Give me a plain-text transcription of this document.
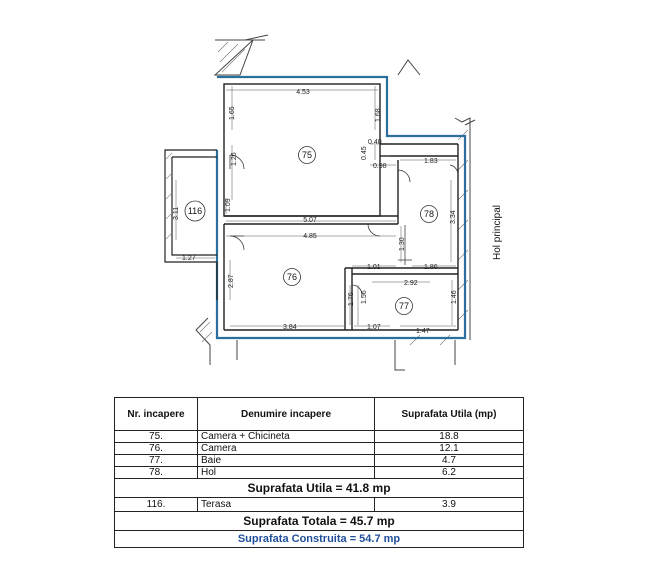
75
76
77
78
116
4.53
1.65	1.68
0.40
0.45
0.98
1.83
1.26
3.11
1.09
5.07
4.85
3.34
1.30
1.01	1.86
1.27
2.87	2.92
1.76 1.56	1.46
3.84	1.07
1.47
Hol principal
Nr. incapere	Denumire incapere	Suprafata Utila (mp)
75.	Camera + Chicineta	18.8
76.	Camera	12.1
77.	Baie	4.7
78.	Hol	6.2
Suprafata Utila = 41.8 mp		
116.	Terasa	3.9
Suprafata Totala = 45.7 mp		
Suprafata Construita = 54.7 mp		
